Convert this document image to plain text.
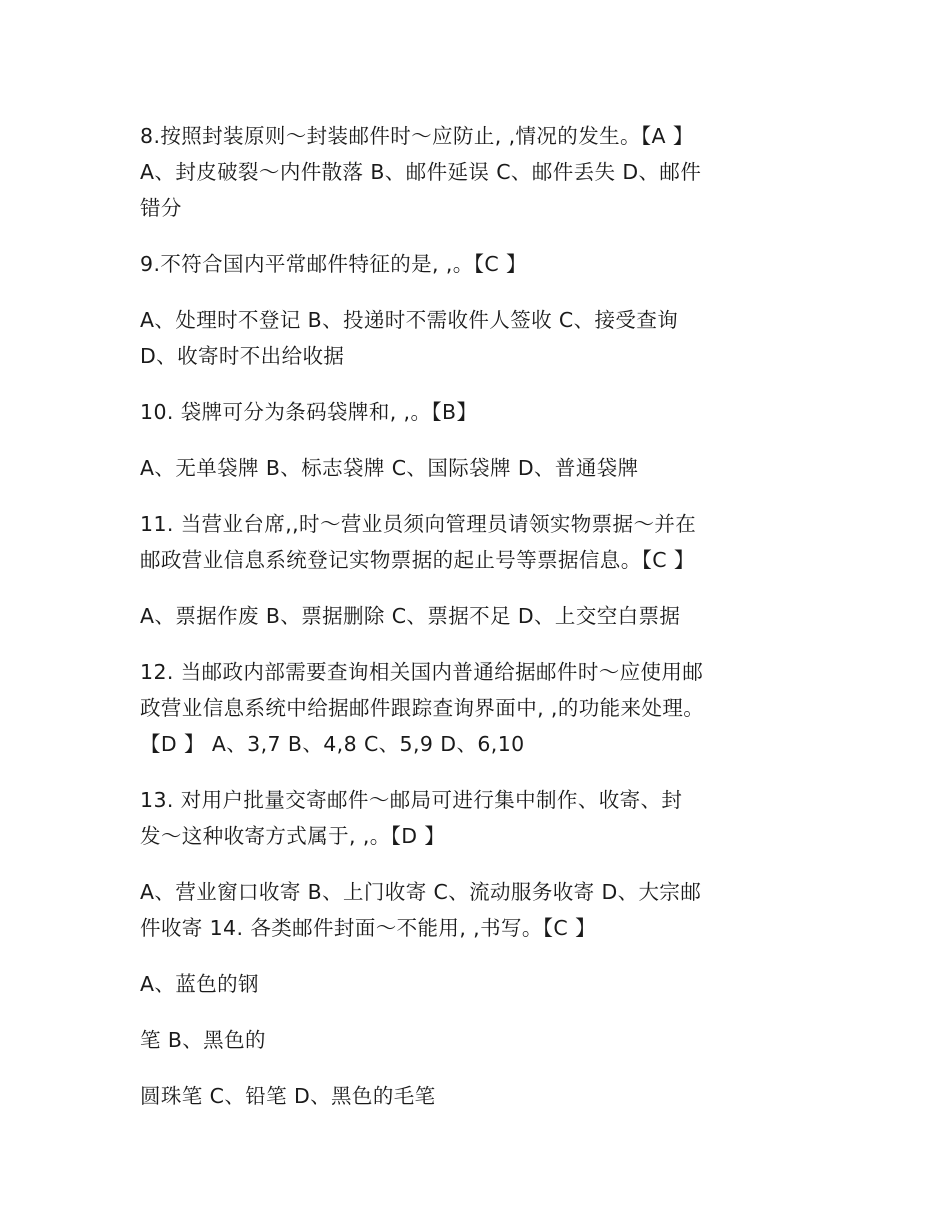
8.按照封装原则～封装邮件时～应防止, ,情况的发生。【A 】
A、封皮破裂～内件散落 B、邮件延误 C、邮件丢失 D、邮件
错分

9.不符合国内平常邮件特征的是, ,。【C 】

A、处理时不登记 B、投递时不需收件人签收 C、接受查询
D、收寄时不出给收据

10. 袋牌可分为条码袋牌和, ,。【B】

A、无单袋牌 B、标志袋牌 C、国际袋牌 D、普通袋牌

11. 当营业台席,,时～营业员须向管理员请领实物票据～并在
邮政营业信息系统登记实物票据的起止号等票据信息。【C 】

A、票据作废 B、票据删除 C、票据不足 D、上交空白票据

12. 当邮政内部需要查询相关国内普通给据邮件时～应使用邮
政营业信息系统中给据邮件跟踪查询界面中, ,的功能来处理。
【D 】 A、3,7 B、4,8 C、5,9 D、6,10

13. 对用户批量交寄邮件～邮局可进行集中制作、收寄、封
发～这种收寄方式属于, ,。【D 】

A、营业窗口收寄 B、上门收寄 C、流动服务收寄 D、大宗邮
件收寄 14. 各类邮件封面～不能用, ,书写。【C 】

A、蓝色的钢

笔 B、黑色的

圆珠笔 C、铅笔 D、黑色的毛笔
